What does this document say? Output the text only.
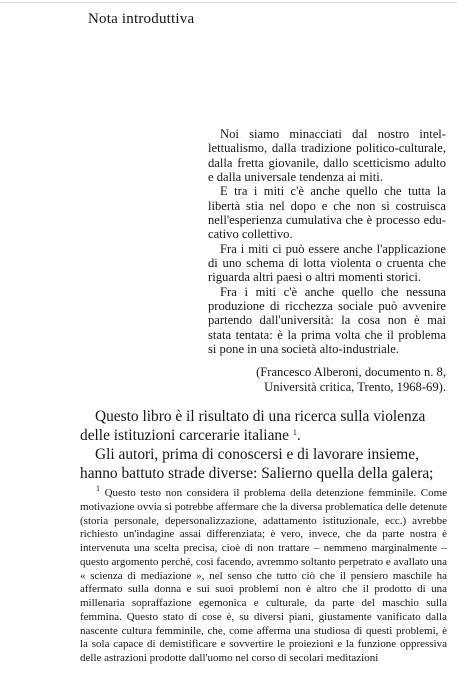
Nota introduttiva

Noi siamo minacciati dal nostro intellettualismo, dalla tradizione politico-culturale, dalla fretta giovanile, dallo scetticismo adulto e dalla universale tendenza ai miti.

E tra i miti c'è anche quello che tutta la libertà stia nel dopo e che non si costruisca nell'esperienza cumulativa che è processo educativo collettivo.

Fra i miti ci può essere anche l'applicazione di uno schema di lotta violenta o cruenta che riguarda altri paesi o altri momenti storici.

Fra i miti c'è anche quello che nessuna produzione di ricchezza sociale può avvenire partendo dall'università: la cosa non è mai stata tentata: è la prima volta che il problema si pone in una società alto-industriale.

(Francesco Alberoni, documento n. 8,
Università critica, Trento, 1968-69).
Questo libro è il risultato di una ricerca sulla violenza
delle istituzioni carcerarie italiane $^1$.
Gli autori, prima di conoscersi e di lavorare insieme,
hanno battuto strade diverse: Salierno quella della galera;

$^1$ Questo testo non considera il problema della detenzione femminile. Come motivazione ovvia si potrebbe affermare che la diversa problematica delle detenute (storia personale, depersonalizzazione, adattamento istituzionale, ecc.) avrebbe richiesto un'indagine assai differenziata; è vero, invece, che da parte nostra è intervenuta una scelta precisa, cioè di non trattare – nemmeno marginalmente – questo argomento perché, così facendo, avremmo soltanto perpetrato e avallato una « scienza di mediazione », nel senso che tutto ciò che il pensiero maschile ha affermato sulla donna e sui suoi problemi non è altro che il prodotto di una millenaria sopraffazione egemonica e culturale, da parte del maschio sulla femmina. Questo stato di cose è, su diversi piani, giustamente vanificato dalla nascente cultura femminile, che, come afferma una studiosa di questi problemi, è la sola capace di demistificare e sovvertire le proiezioni e la funzione oppressiva delle astrazioni prodotte dall'uomo nel corso di secolari meditazioni
